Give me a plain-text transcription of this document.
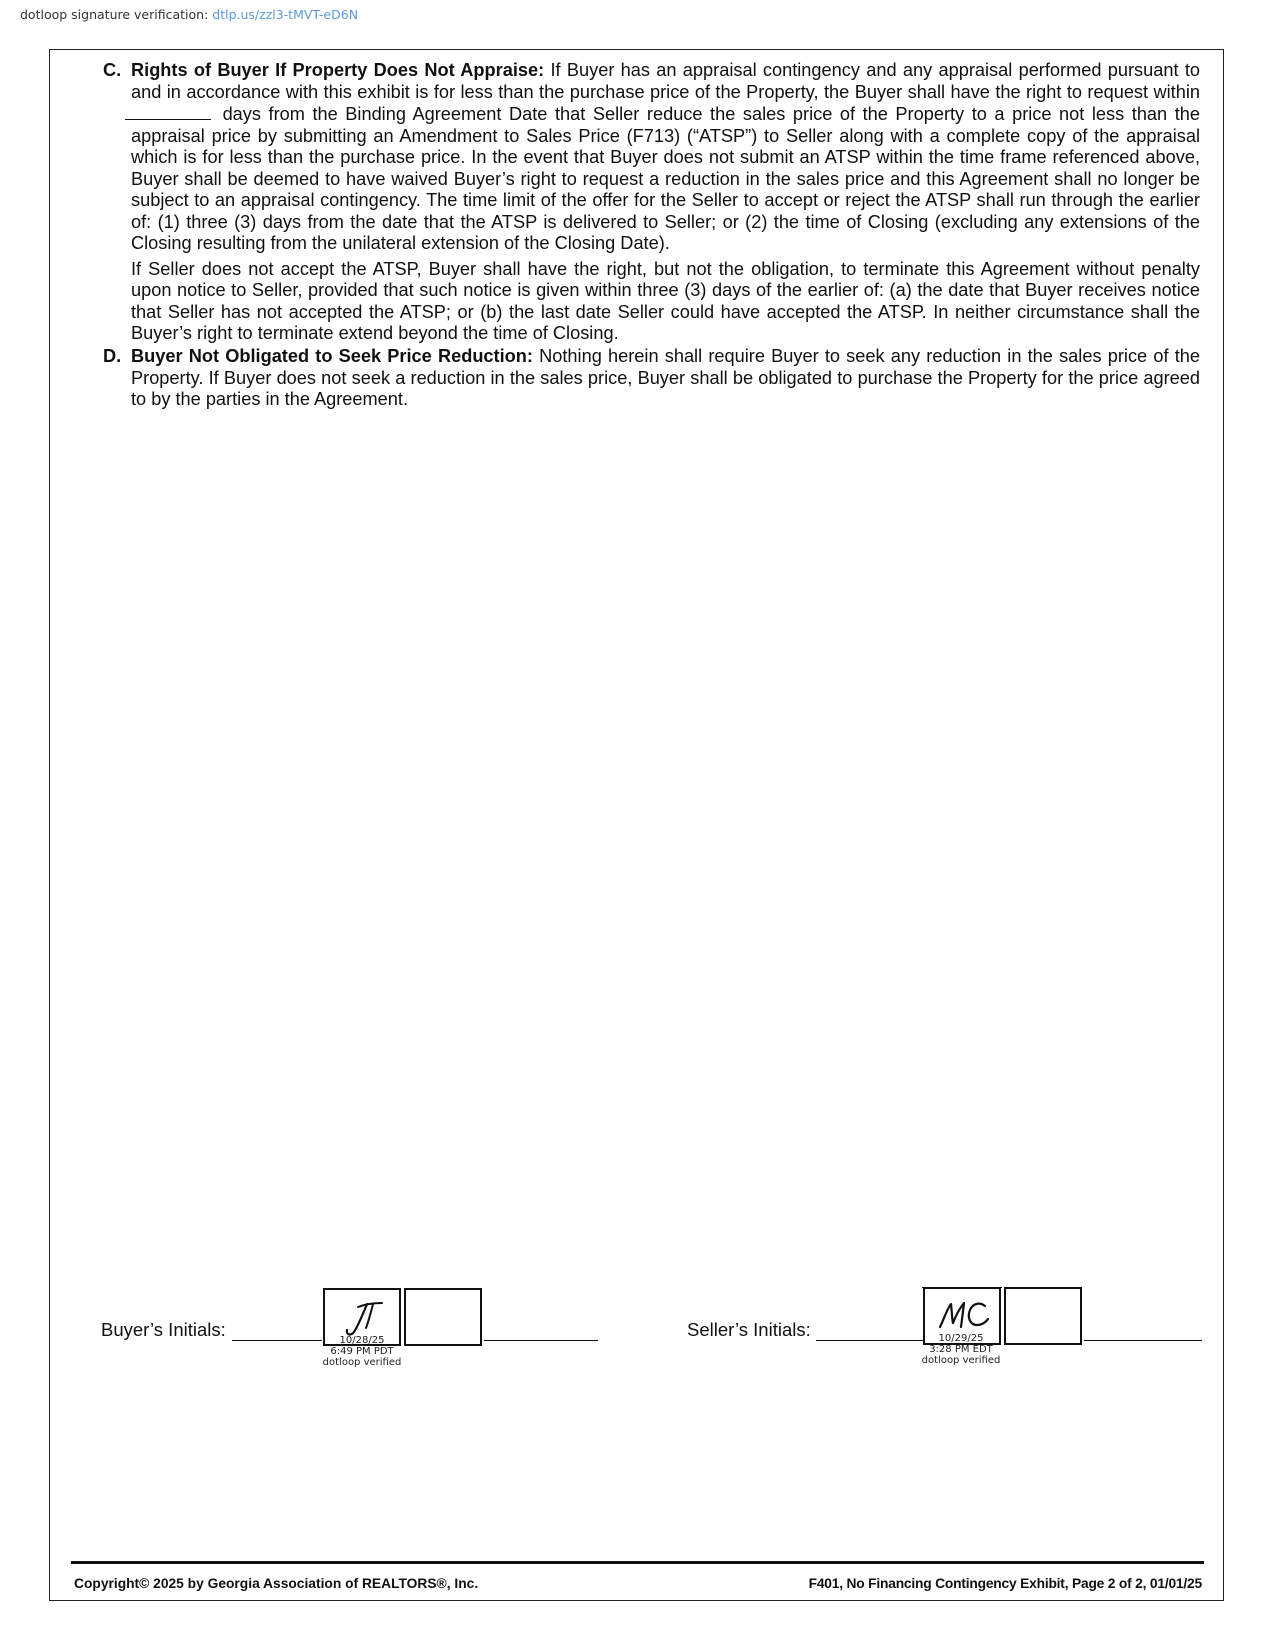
dotloop signature verification: dtlp.us/zzl3-tMVT-eD6N
C. Rights of Buyer If Property Does Not Appraise: If Buyer has an appraisal contingency and any appraisal performed pursuant to and in accordance with this exhibit is for less than the purchase price of the Property, the Buyer shall have the right to request within  days from the Binding Agreement Date that Seller reduce the sales price of the Property to a price not less than the appraisal price by submitting an Amendment to Sales Price (F713) (“ATSP”) to Seller along with a complete copy of the appraisal which is for less than the purchase price. In the event that Buyer does not submit an ATSP within the time frame referenced above, Buyer shall be deemed to have waived Buyer’s right to request a reduction in the sales price and this Agreement shall no longer be subject to an appraisal contingency. The time limit of the offer for the Seller to accept or reject the ATSP shall run through the earlier of: (1) three (3) days from the date that the ATSP is delivered to Seller; or (2) the time of Closing (excluding any extensions of the Closing resulting from the unilateral extension of the Closing Date).

If Seller does not accept the ATSP, Buyer shall have the right, but not the obligation, to terminate this Agreement without penalty upon notice to Seller, provided that such notice is given within three (3) days of the earlier of: (a) the date that Buyer receives notice that Seller has not accepted the ATSP; or (b) the last date Seller could have accepted the ATSP. In neither circumstance shall the Buyer’s right to terminate extend beyond the time of Closing.

D. Buyer Not Obligated to Seek Price Reduction: Nothing herein shall require Buyer to seek any reduction in the sales price of the Property. If Buyer does not seek a reduction in the sales price, Buyer shall be obligated to purchase the Property for the price agreed to by the parties in the Agreement.

Buyer’s Initials:
10/28/25
6:49 PM PDT
dotloop verified
Seller’s Initials:	10/29/25
3:28 PM EDT
dotloop verified
Copyright© 2025 by Georgia Association of REALTORS®, Inc.	F401, No Financing Contingency Exhibit, Page 2 of 2, 01/01/25
